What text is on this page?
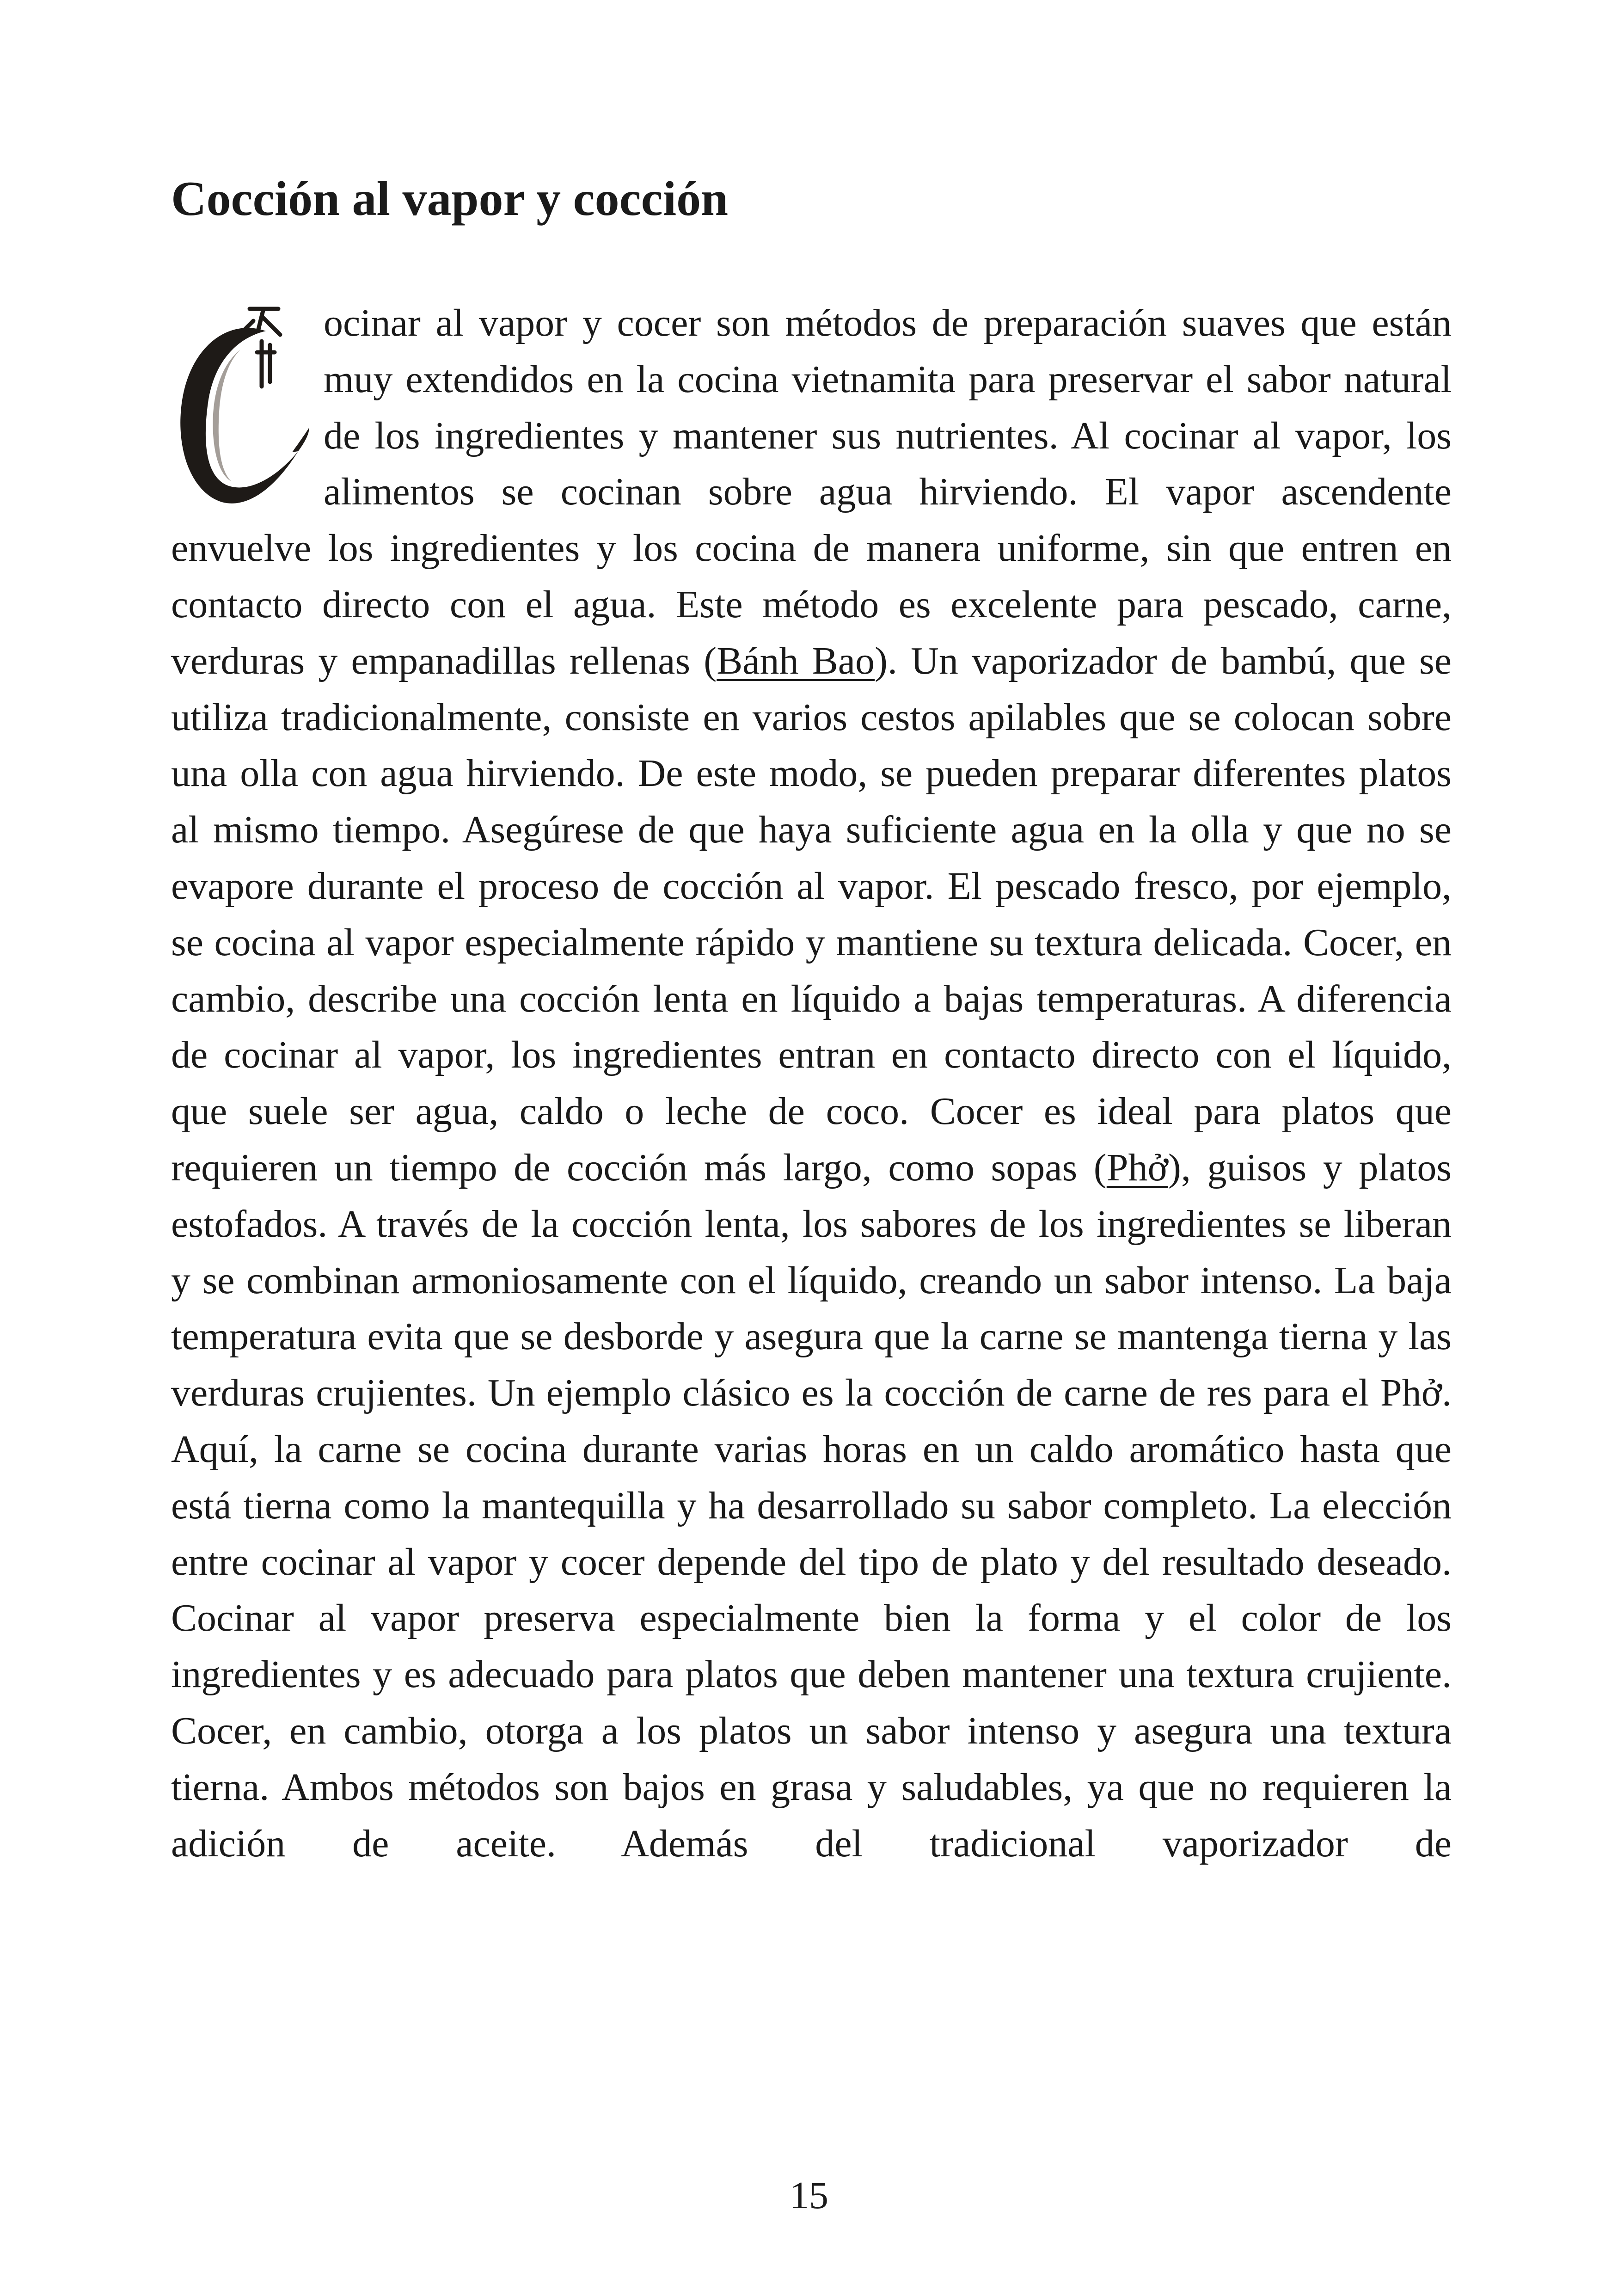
Cocción al vapor y cocción

ocinar al vapor y cocer son métodos de preparación suaves que están muy extendidos en la cocina vietnamita para preservar el sabor natural de los ingredientes y mantener sus nutrientes. Al cocinar al vapor, los alimentos se cocinan sobre agua hirviendo. El vapor ascendente envuelve los ingredientes y los cocina de manera uniforme, sin que entren en contacto directo con el agua. Este método es excelente para pescado, carne, verduras y empanadillas rellenas (Bánh Bao). Un vaporizador de bambú, que se utiliza tradicionalmente, consiste en varios cestos apilables que se colocan sobre una olla con agua hirviendo. De este modo, se pueden preparar diferentes platos al mismo tiempo. Asegúrese de que haya suficiente agua en la olla y que no se evapore durante el proceso de cocción al vapor. El pescado fresco, por ejemplo, se cocina al vapor especialmente rápido y mantiene su textura delicada. Cocer, en cambio, describe una cocción lenta en líquido a bajas temperaturas. A diferencia de cocinar al vapor, los ingredientes entran en contacto directo con el líquido, que suele ser agua, caldo o leche de coco. Cocer es ideal para platos que requieren un tiempo de cocción más largo, como sopas (Phở), guisos y platos estofados. A través de la cocción lenta, los sabores de los ingredientes se liberan y se combinan armoniosamente con el líquido, creando un sabor intenso. La baja temperatura evita que se desborde y asegura que la carne se mantenga tierna y las verduras crujientes. Un ejemplo clásico es la cocción de carne de res para el Phở. Aquí, la carne se cocina durante varias horas en un caldo aromático hasta que está tierna como la mantequilla y ha desarrollado su sabor completo. La elección entre cocinar al vapor y cocer depende del tipo de plato y del resultado deseado. Cocinar al vapor preserva especialmente bien la forma y el color de los ingredientes y es adecuado para platos que deben mantener una textura crujiente. Cocer, en cambio, otorga a los platos un sabor intenso y asegura una textura tierna. Ambos métodos son bajos en grasa y saludables, ya que no requieren la adición de aceite. Además del tradicional vaporizador de

15
